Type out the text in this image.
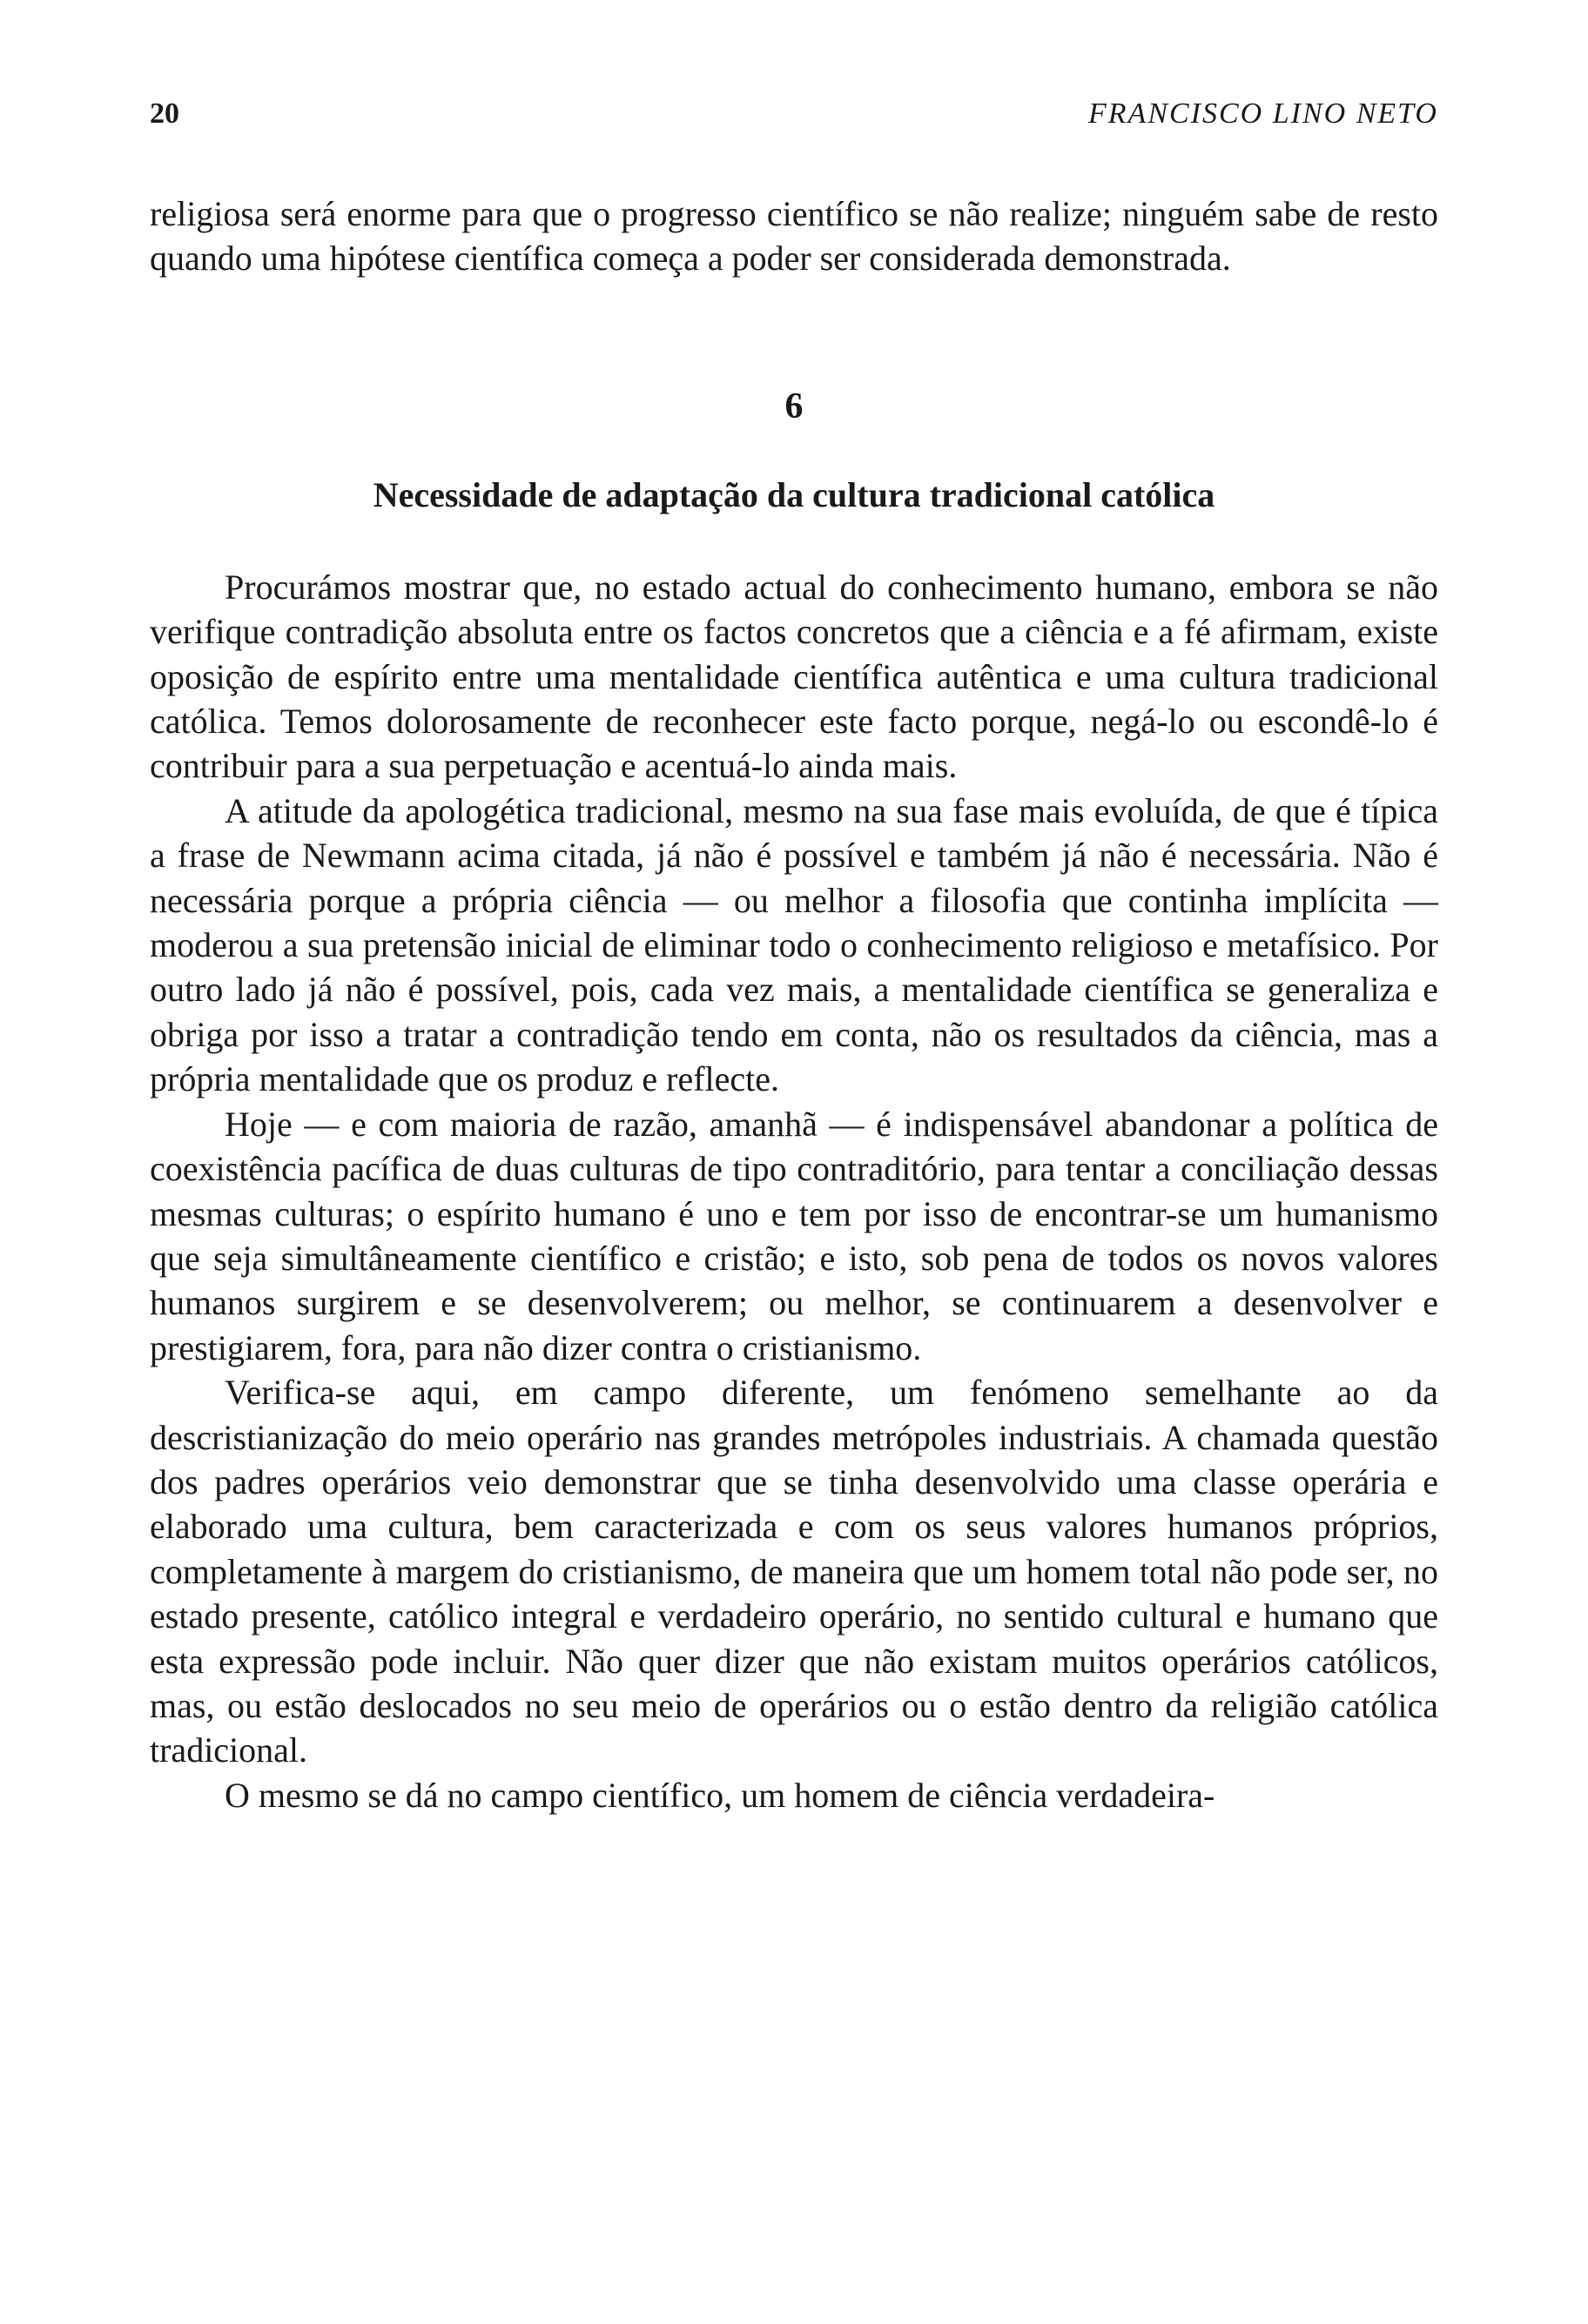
20	FRANCISCO LINO NETO

religiosa será enorme para que o progresso científico se não realize; ninguém sabe de resto quando uma hipótese científica começa a poder ser considerada demonstrada.

6
Necessidade de adaptação da cultura tradicional católica

Procurámos mostrar que, no estado actual do conhecimento humano, embora se não verifique contradição absoluta entre os factos concretos que a ciência e a fé afirmam, existe oposição de espírito entre uma mentalidade científica autêntica e uma cultura tradicional católica. Temos dolorosamente de reconhecer este facto porque, negá-lo ou escondê-lo é contribuir para a sua perpetuação e acentuá-lo ainda mais.

A atitude da apologética tradicional, mesmo na sua fase mais evoluída, de que é típica a frase de Newmann acima citada, já não é possível e também já não é necessária. Não é necessária porque a própria ciência — ou melhor a filosofia que continha implícita — moderou a sua pretensão inicial de eliminar todo o conhecimento religioso e metafísico. Por outro lado já não é possível, pois, cada vez mais, a mentalidade científica se generaliza e obriga por isso a tratar a contradição tendo em conta, não os resultados da ciência, mas a própria mentalidade que os produz e reflecte.

Hoje — e com maioria de razão, amanhã — é indispensável abandonar a política de coexistência pacífica de duas culturas de tipo contraditório, para tentar a conciliação dessas mesmas culturas; o espírito humano é uno e tem por isso de encontrar-se um humanismo que seja simultâneamente científico e cristão; e isto, sob pena de todos os novos valores humanos surgirem e se desenvolverem; ou melhor, se continuarem a desenvolver e prestigiarem, fora, para não dizer contra o cristianismo.

Verifica-se aqui, em campo diferente, um fenómeno semelhante ao da descristianização do meio operário nas grandes metrópoles industriais. A chamada questão dos padres operários veio demonstrar que se tinha desenvolvido uma classe operária e elaborado uma cultura, bem caracterizada e com os seus valores humanos próprios, completamente à margem do cristianismo, de maneira que um homem total não pode ser, no estado presente, católico integral e verdadeiro operário, no sentido cultural e humano que esta expressão pode incluir. Não quer dizer que não existam muitos operários católicos, mas, ou estão deslocados no seu meio de operários ou o estão dentro da religião católica tradicional.

O mesmo se dá no campo científico, um homem de ciência verdadeira-
